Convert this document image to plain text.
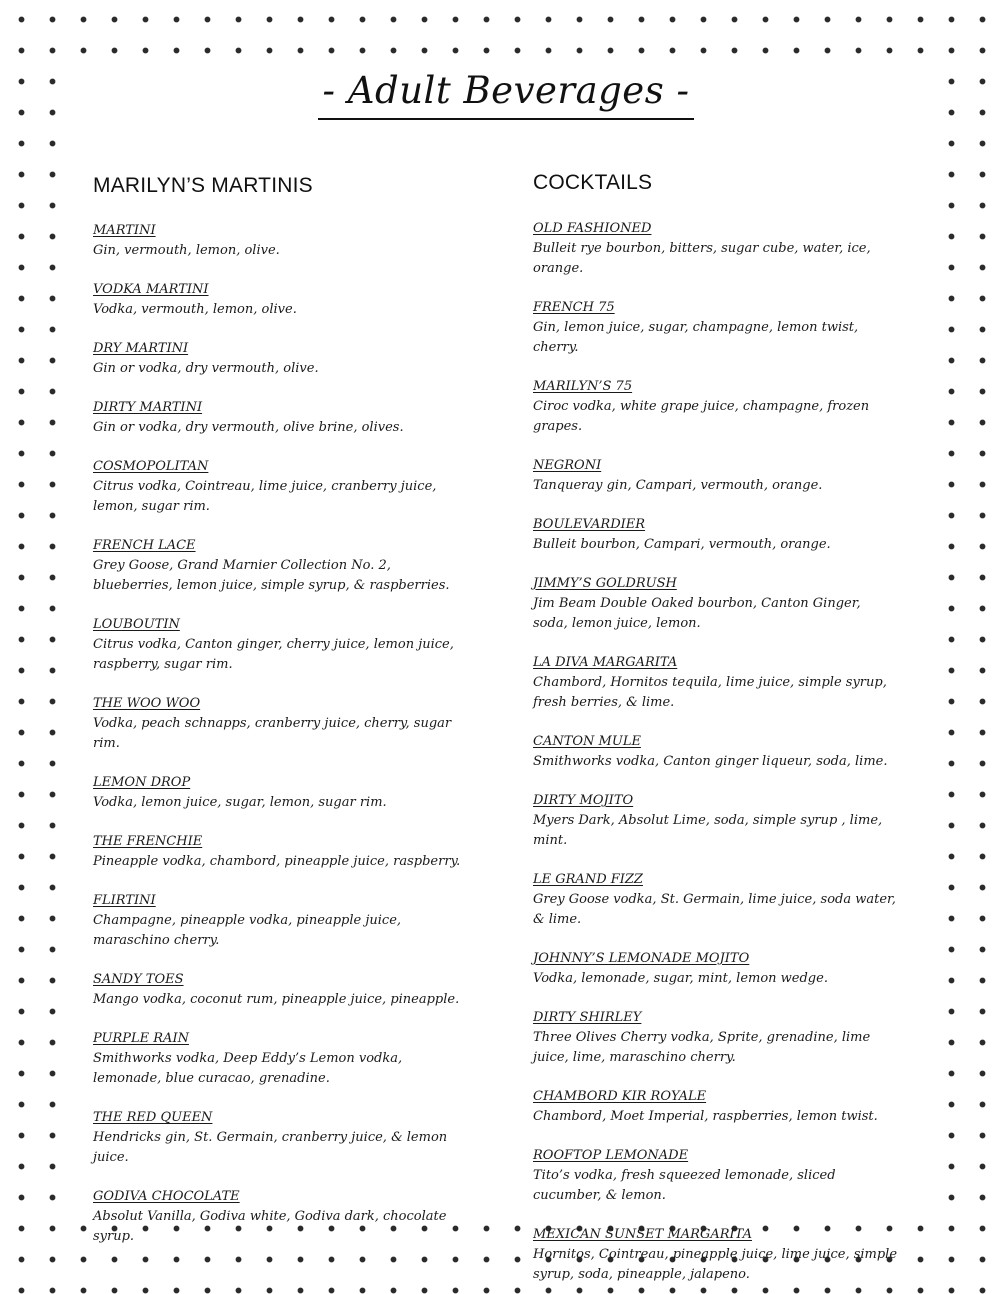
- Adult Beverages -
MARILYN’S MARTINIS
MARTINI
Gin, vermouth, lemon, olive.
VODKA MARTINI
Vodka, vermouth, lemon, olive.
DRY MARTINI
Gin or vodka, dry vermouth, olive.
DIRTY MARTINI
Gin or vodka, dry vermouth, olive brine, olives.
COSMOPOLITAN
Citrus vodka, Cointreau, lime juice, cranberry juice, lemon, sugar rim.
FRENCH LACE
Grey Goose, Grand Marnier Collection No. 2, blueberries, lemon juice, simple syrup, & raspberries.
LOUBOUTIN
Citrus vodka, Canton ginger, cherry juice, lemon juice, raspberry, sugar rim.
THE WOO WOO
Vodka, peach schnapps, cranberry juice, cherry, sugar rim.
LEMON DROP
Vodka, lemon juice, sugar, lemon, sugar rim.
THE FRENCHIE
Pineapple vodka, chambord, pineapple juice, raspberry.
FLIRTINI
Champagne, pineapple vodka, pineapple juice, maraschino cherry.
SANDY TOES
Mango vodka, coconut rum, pineapple juice, pineapple.
PURPLE RAIN
Smithworks vodka, Deep Eddy’s Lemon vodka, lemonade, blue curacao, grenadine.
THE RED QUEEN
Hendricks gin, St. Germain, cranberry juice, & lemon juice.
GODIVA CHOCOLATE
Absolut Vanilla, Godiva white, Godiva dark, chocolate syrup.
COCKTAILS
OLD FASHIONED
Bulleit rye bourbon, bitters, sugar cube, water, ice, orange.
FRENCH 75
Gin, lemon juice, sugar, champagne, lemon twist, cherry.
MARILYN’S 75
Ciroc vodka, white grape juice, champagne, frozen grapes.
NEGRONI
Tanqueray gin, Campari, vermouth, orange.
BOULEVARDIER
Bulleit bourbon, Campari, vermouth, orange.
JIMMY’S GOLDRUSH
Jim Beam Double Oaked bourbon, Canton Ginger, soda, lemon juice, lemon.
LA DIVA MARGARITA
Chambord, Hornitos tequila, lime juice, simple syrup, fresh berries, & lime.
CANTON MULE
Smithworks vodka, Canton ginger liqueur, soda, lime.
DIRTY MOJITO
Myers Dark, Absolut Lime, soda, simple syrup , lime, mint.
LE GRAND FIZZ
Grey Goose vodka, St. Germain, lime juice, soda water, & lime.
JOHNNY’S LEMONADE MOJITO
Vodka, lemonade, sugar, mint, lemon wedge.
DIRTY SHIRLEY
Three Olives Cherry vodka, Sprite, grenadine, lime juice, lime, maraschino cherry.
CHAMBORD KIR ROYALE
Chambord, Moet Imperial, raspberries, lemon twist.
ROOFTOP LEMONADE
Tito’s vodka, fresh squeezed lemonade, sliced cucumber, & lemon.
MEXICAN SUNSET MARGARITA
Hornitos, Cointreau, pineapple juice, lime juice, simple syrup, soda, pineapple, jalapeno.
